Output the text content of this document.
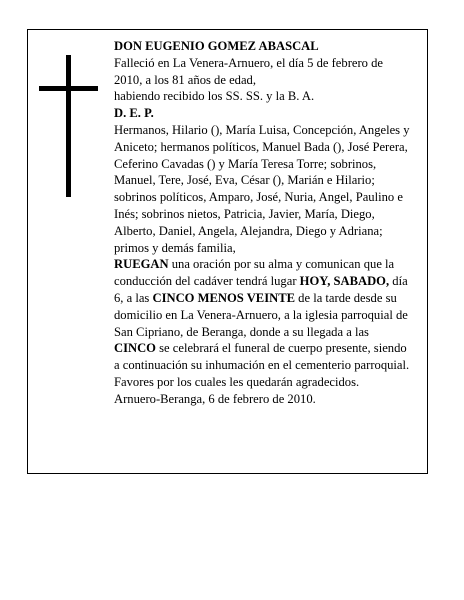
DON EUGENIO GOMEZ ABASCAL

Falleció en La Venera-Arnuero, el día 5 de febrero de 2010, a los 81 años de edad,

habiendo recibido los SS. SS. y la B. A.

D. E. P.

Hermanos, Hilario (), María Luisa, Concepción, Angeles y Aniceto; hermanos políticos, Manuel Bada (), José Perera, Ceferino Cavadas () y María Teresa Torre; sobrinos, Manuel, Tere, José, Eva, César (), Marián e Hilario; sobrinos políticos, Amparo, José, Nuria, Angel, Paulino e Inés; sobrinos nietos, Patricia, Javier, María, Diego, Alberto, Daniel, Angela, Alejandra, Diego y Adriana; primos y demás familia,
RUEGAN una oración por su alma y comunican que la conducción del cadáver tendrá lugar HOY, SABADO, día 6, a las CINCO MENOS VEINTE de la tarde desde su domicilio en La Venera-Arnuero, a la iglesia parroquial de San Cipriano, de Beranga, donde a su llegada a las CINCO se celebrará el funeral de cuerpo presente, siendo a continuación su inhumación en el cementerio parroquial. Favores por los cuales les quedarán agradecidos.

Arnuero-Beranga, 6 de febrero de 2010.
